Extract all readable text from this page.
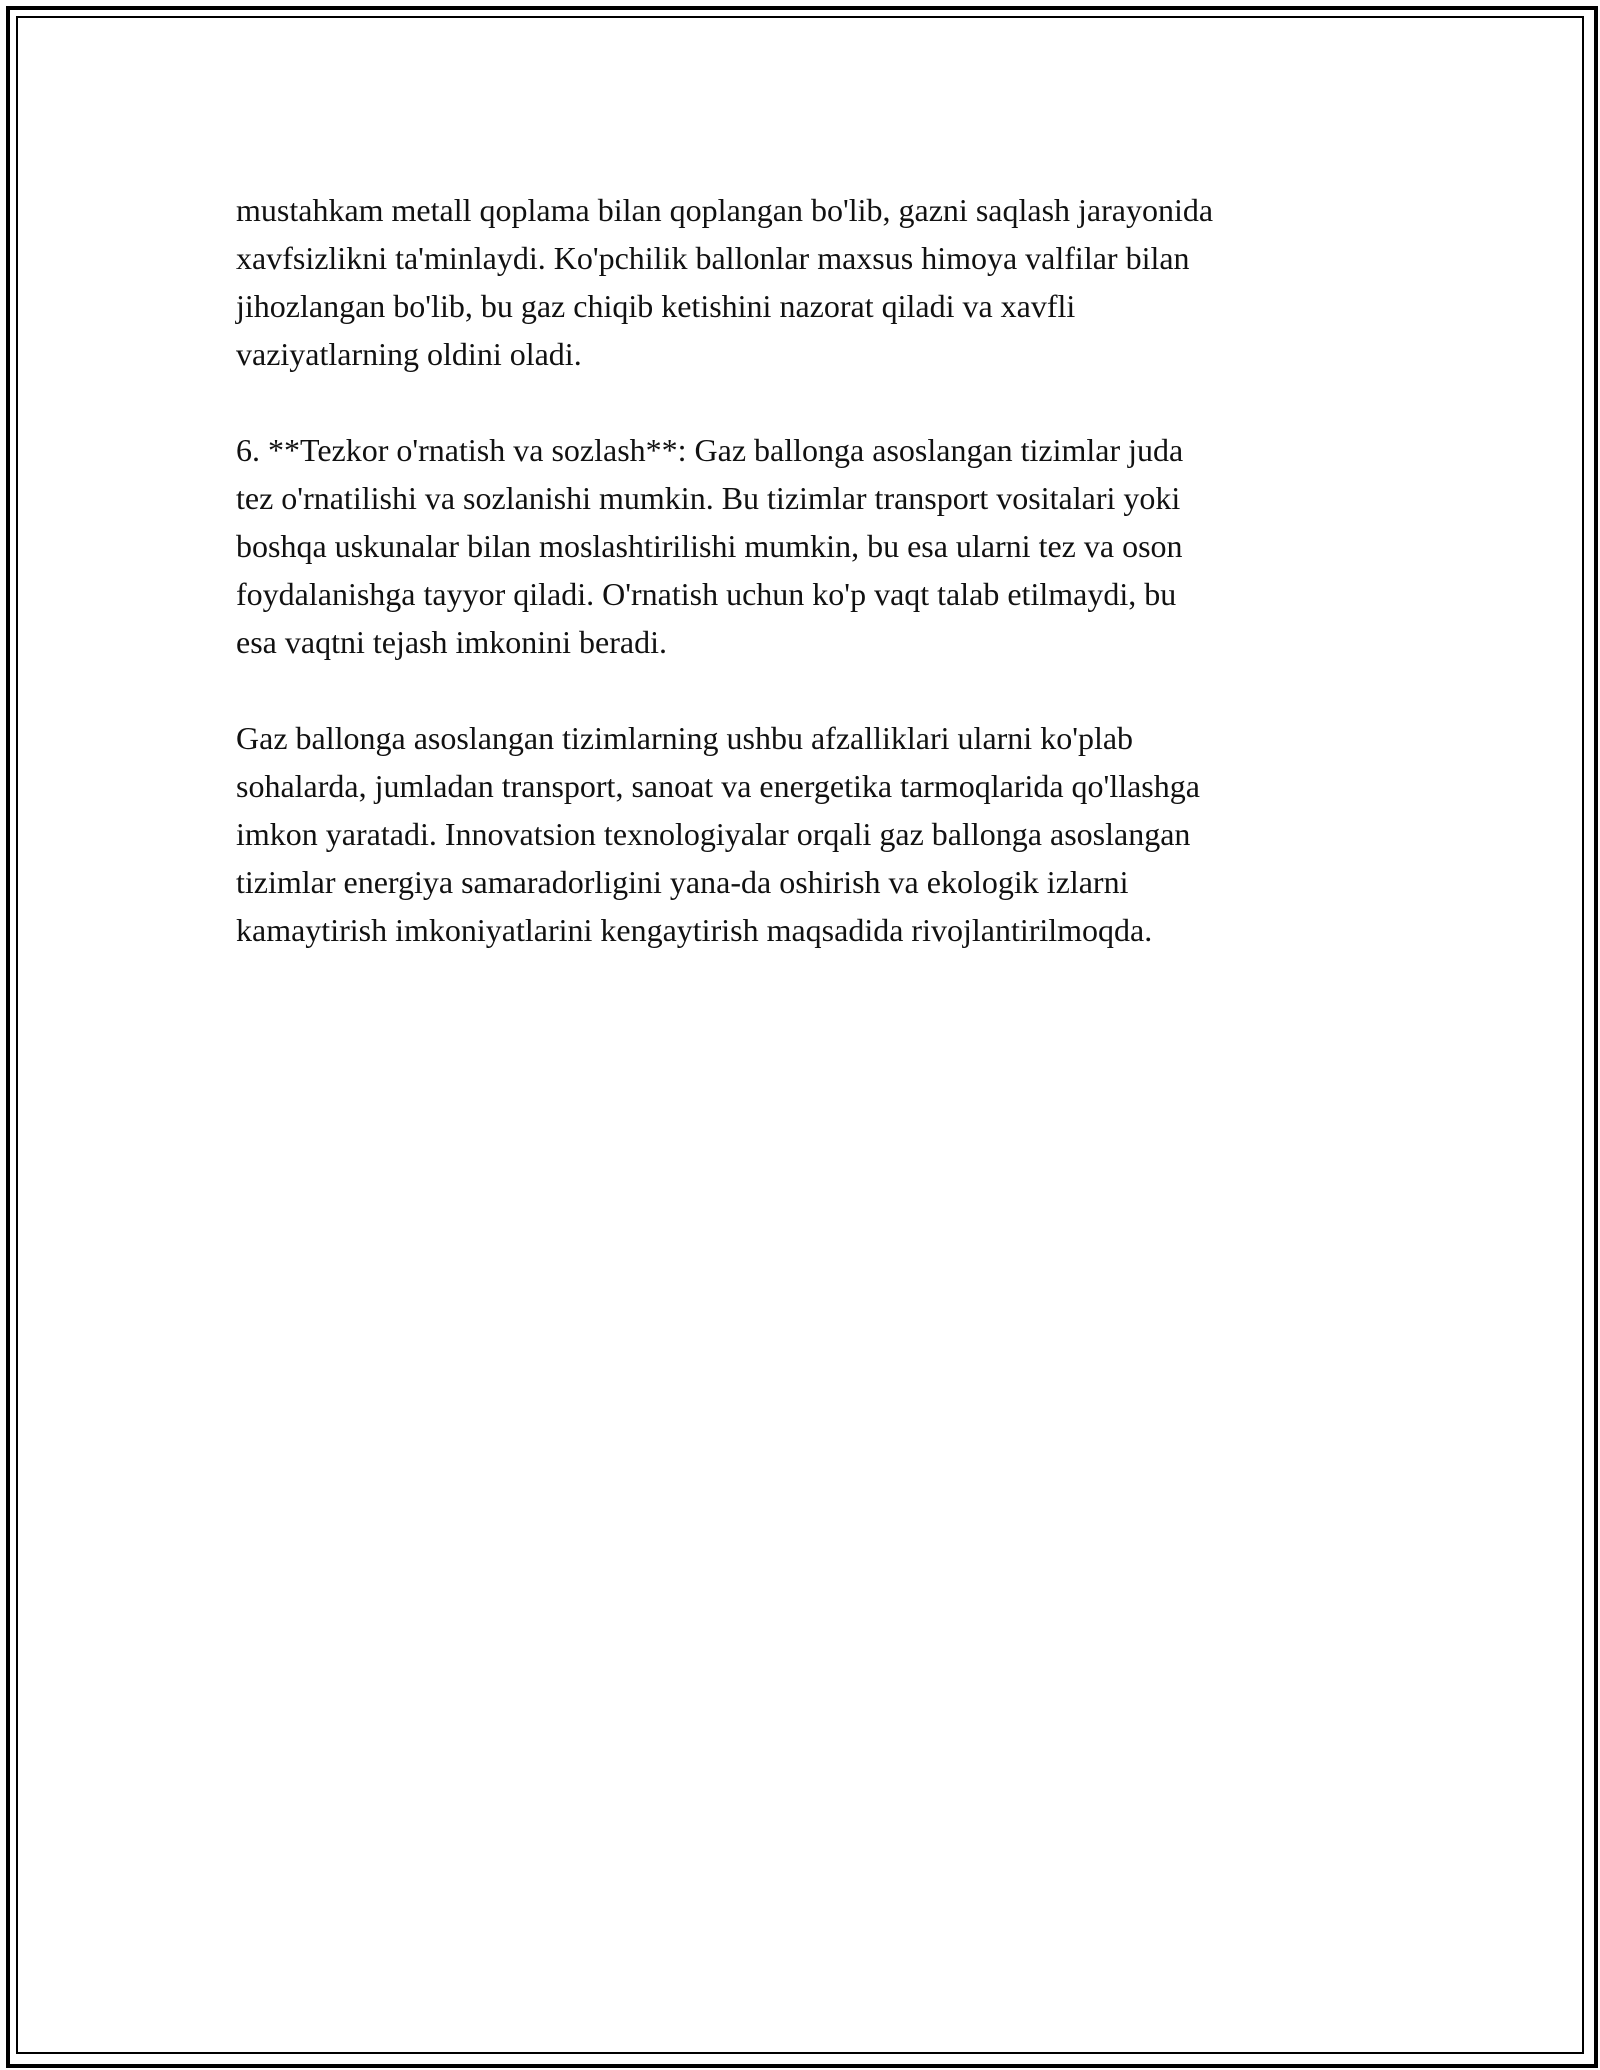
mustahkam metall qoplama bilan qoplangan bo'lib, gazni saqlash jarayonida
xavfsizlikni ta'minlaydi. Ko'pchilik ballonlar maxsus himoya valfilar bilan
jihozlangan bo'lib, bu gaz chiqib ketishini nazorat qiladi va xavfli
vaziyatlarning oldini oladi.

6. **Tezkor o'rnatish va sozlash**: Gaz ballonga asoslangan tizimlar juda
tez o'rnatilishi va sozlanishi mumkin. Bu tizimlar transport vositalari yoki
boshqa uskunalar bilan moslashtirilishi mumkin, bu esa ularni tez va oson
foydalanishga tayyor qiladi. O'rnatish uchun ko'p vaqt talab etilmaydi, bu
esa vaqtni tejash imkonini beradi.

Gaz ballonga asoslangan tizimlarning ushbu afzalliklari ularni ko'plab
sohalarda, jumladan transport, sanoat va energetika tarmoqlarida qo'llashga
imkon yaratadi. Innovatsion texnologiyalar orqali gaz ballonga asoslangan
tizimlar energiya samaradorligini yana-da oshirish va ekologik izlarni
kamaytirish imkoniyatlarini kengaytirish maqsadida rivojlantirilmoqda.
